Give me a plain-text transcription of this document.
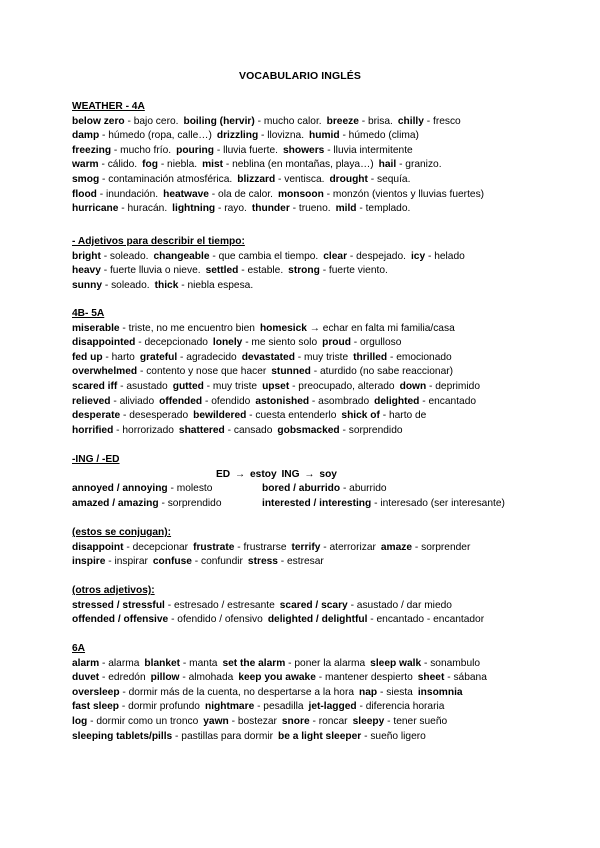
VOCABULARIO INGLÉS
WEATHER - 4A
below zero - bajo cero. boiling (hervir) - mucho calor. breeze - brisa. chilly - fresco
damp - húmedo (ropa, calle…) drizzling - llovizna. humid - húmedo (clima)
freezing - mucho frío. pouring - lluvia fuerte. showers - lluvia intermitente
warm - cálido. fog - niebla. mist - neblina (en montañas, playa…) hail - granizo.
smog - contaminación atmosférica. blizzard - ventisca. drought - sequía.
flood - inundación. heatwave - ola de calor. monsoon - monzón (vientos y lluvias fuertes)
hurricane - huracán. lightning - rayo. thunder - trueno. mild - templado.
- Adjetivos para describir el tiempo:
bright - soleado. changeable - que cambia el tiempo. clear - despejado. icy - helado
heavy - fuerte lluvia o nieve. settled - estable. strong - fuerte viento.
sunny - soleado. thick - niebla espesa.
4B- 5A
miserable - triste, no me encuentro bien homesick → echar en falta mi familia/casa
disappointed - decepcionado lonely - me siento solo proud - orgulloso
fed up - harto grateful - agradecido devastated - muy triste thrilled - emocionado
overwhelmed - contento y nose que hacer stunned - aturdido (no sabe reaccionar)
scared iff - asustado gutted - muy triste upset - preocupado, alterado down - deprimido
relieved - aliviado offended - ofendido astonished - asombrado delighted - encantado
desperate - desesperado bewildered - cuesta entenderlo shick of - harto de
horrified - horrorizado shattered - cansado gobsmacked - sorprendido
-ING / -ED
ED → estoy ING → soy
annoyed / annoying - molesto	bored / aburrido - aburrido
amazed / amazing - sorprendido	interested / interesting - interesado (ser interesante)
(estos se conjugan):
disappoint - decepcionar frustrate - frustrarse terrify - aterrorizar amaze - sorprender
inspire - inspirar confuse - confundir stress - estresar
(otros adjetivos):
stressed / stressful - estresado / estresante scared / scary - asustado / dar miedo
offended / offensive - ofendido / ofensivo delighted / delightful - encantado - encantador
6A
alarm - alarma blanket - manta set the alarm - poner la alarma sleep walk - sonambulo
duvet - edredón pillow - almohada keep you awake - mantener despierto sheet - sábana
oversleep - dormir más de la cuenta, no despertarse a la hora nap - siesta insomnia
fast sleep - dormir profundo nightmare - pesadilla jet-lagged - diferencia horaria
log - dormir como un tronco yawn - bostezar snore - roncar sleepy - tener sueño
sleeping tablets/pills - pastillas para dormir be a light sleeper - sueño ligero
